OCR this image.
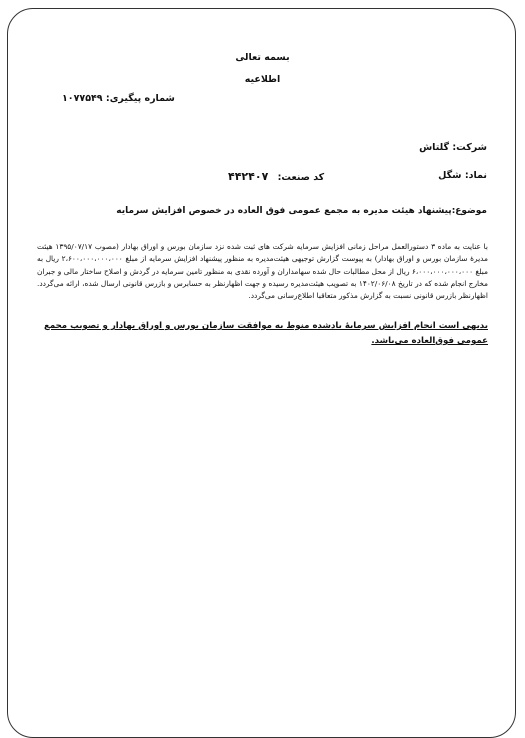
بسمه تعالی
اطلاعیه
شماره پیگیری: ۱۰۷۷۵۴۹
شرکت: گلتاش
نماد: شگل
کد صنعت: ۴۴۲۴۰۷
موضوع:پیشنهاد هیئت مدیره به مجمع عمومی فوق العاده در خصوص افزایش سرمایه
با عنایت به ماده ۳ دستورالعمل مراحل زمانی افزایش سرمایه شرکت های ثبت شده نزد سازمان بورس و اوراق بهادار (مصوب ۱۳۹۵/۰۷/۱۷ هیئت مدیرهٔ سازمان بورس و اوراق بهادار) به پیوست گزارش توجیهی هیئت‌مدیره به منظور پیشنهاد افزایش سرمایه از مبلغ ۲،۶۰۰،۰۰۰،۰۰۰،۰۰۰ ریال به مبلغ ۶،۰۰۰،۰۰۰،۰۰۰،۰۰۰ ریال از محل مطالبات حال شده سهامداران و آورده نقدی به منظور تامین سرمایه در گردش و اصلاح ساختار مالی و جبران مخارج انجام شده که در تاریخ ۱۴۰۲/۰۶/۰۸ به تصویب هیئت‌مدیره رسیده و جهت اظهارنظر به حسابرس و بازرس قانونی ارسال شده، ارائه می‌گردد. اظهارنظر بازرس قانونی نسبت به گزارش مذکور متعاقبا اطلاع‌رسانی می‌گردد.
بدیهی است انجام افزایش سرمایهٔ یادشده منوط به موافقت سازمان بورس و اوراق بهادار و تصویب مجمع عمومی فوق‌العاده می‌باشد.
